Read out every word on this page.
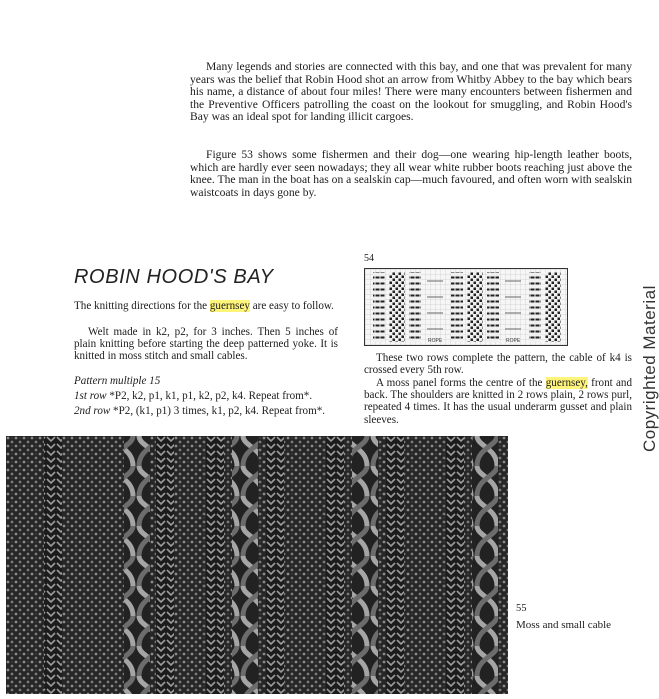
Many legends and stories are connected with this bay, and one that was prevalent for many years was the belief that Robin Hood shot an arrow from Whitby Abbey to the bay which bears his name, a distance of about four miles! There were many encounters between fishermen and the Preventive Officers patrolling the coast on the lookout for smuggling, and Robin Hood's Bay was an ideal spot for landing illicit cargoes.

Figure 53 shows some fishermen and their dog—one wearing hip-length leather boots, which are hardly ever seen nowadays; they all wear white rubber boots reaching just above the knee. The man in the boat has on a sealskin cap—much favoured, and often worn with sealskin waistcoats in days gone by.

ROBIN HOOD'S BAY

The knitting directions for the guernsey are easy to follow.

Welt made in k2, p2, for 3 inches. Then 5 inches of plain knitting before starting the deep patterned yoke. It is knitted in moss stitch and small cables.

Pattern multiple 15

1st row *P2, k2, p1, k1, p1, k2, p2, k4. Repeat from*.

2nd row *P2, (k1, p1) 3 times, k1, p2, k4. Repeat from*.

54
ROPE	ROPE

These two rows complete the pattern, the cable of k4 is crossed every 5th row.

A moss panel forms the centre of the guernsey, front and back. The shoulders are knitted in 2 rows plain, 2 rows purl, repeated 4 times. It has the usual underarm gusset and plain sleeves.

55
Moss and small cable
Copyrighted Material
